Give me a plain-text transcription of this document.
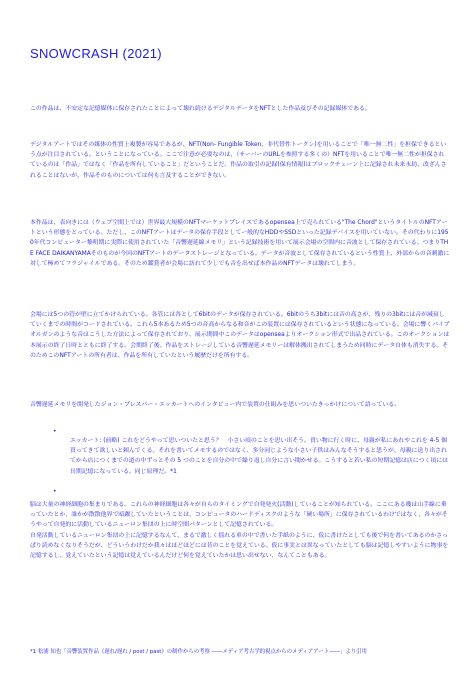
SNOWCRASH (2021)
この作品は、不安定な記憶媒体に保存されたことによって壊れ続けるデジタルデータをNFTとした作品及びその記録媒体である。
デジタルアートではその媒体の性質上複製が容易であるが、NFT(Non- Fungible Token、非代替性トークン)を用いることで「唯一無二性」を担保できるという点が注目されている。ということになっている。ここで注意が必要なのは、（サーバーのURLを参照する多くの）NFTを用いることで唯一無二性が担保されているのは「作品」ではなく「作品を所有していること」だということだ。作品の取引の記録(保有情報)はブロックチェーン上に記録され未来永劫、改ざんされることはないが、作品そのものについては何も言及することができない。
本作品は、表向きには（ウェブ空間上では）世界最大規模のNFTマーケットプレイスであるopensea上で売られている"The Chord"というタイトルのNFTアートという形態をとっている。ただし、このNFTアートはデータの保存手段としてー般的なHDDやSSDといった記録デバイスを用いていない。その代わりに1950年代コンピューター黎明期に実際に使用されていた「音響遅延線メモリ」という記録技術を用いて展示会場の空間内に音波として保存されている。つまりTHE FACE DAIKANYAMAそのものが今回のNFTアートのデータストレージとなっている。データが音波として保存されているという性質上、外部からの音刺激に対して極めてフラジャイルである。そのため鑑賞者が会場に訪れて少しでも音を出せば本作品のNFTデータは壊れてしまう。
会場には5つの管が壁に立てかけられている。各管には各として6bitのデータが保存されている。6bitのうち3bitには音の高さが、残りの3bitには音が減衰していくまでの時間がコードされている。これら5本あるため5つの音高からなる和音がこの装置には保存されているという状態になっている。会場に響くパイプオルガンのような音はこうした方法によって保存されており、展示期間中このデータはopenseaよりオークション形式で出品されている。このオークションは本展示の終了日時とともに終了する。会期終了後、作品をストレージしている音響遅延メモリーは解体搬出されてしまうため同時にデータ自体も消失する。そのためこのNFTアートの所有者は、作品を所有していたという履歴だけを所有する。
音響遅延メモリを開発したジョン・プレスパー・エッカートへのインタビュー内で装置の仕組みを思いついたきっかけについて語っている。
•
エッカート: (前略) これをどうやって思いついたと思う？　小さい頃のことを思い出そう。買い物に行く時に、母親が私にあれやこれを 4-5 個買ってきて欲しいと頼んでくる。それを書いてメモするのではなく、多分同じような小さい子供はみんなそうすると思うが、母親に送り出されてから店につくまでの道の中ずっとその 5 つのことを自分の中で繰り返し自分に言い聞かせる。こうすると若い私の短期記憶は店につく頃には長期記憶になっている。同じ原理だ。*1
•
脳は大量の神経細胞の集まりである。これらの神経細胞は各々が自らのタイミングで自発発火(活動)していることが知られている。ここにある幾は山手線に乗っていたとか、誰かが散散他界で暗躍していたということは、コンピュータのハードディスクのような「硬い場所」に保存されているわけではなく、各々がそうやって自発的に活動しているニューロン集団の上に時空間パターンとして記憶されている。
自発活動しているニューロン集団の上に記憶するなんて、まるで激しく揺れる車の中で書いた手紙のように、仮に書けたとしても後で何を書いてあるのかさっぱり読めなくなりそうだが、どういうわけだか我々はほどほどには昔のことを覚えている。仮に事実とは異なっていたとしても脳は記憶しやすいように物事を記憶するし、覚えていたという記憶は覚えているんだけど何を覚えていたかは思い出せない、なんてこともある。
*1 松浦 知也「音響装置作品《遅れ/遅れ / post / past》の制作からの考察 ――メディア考古学的視点からのメディアアート――」より引用
